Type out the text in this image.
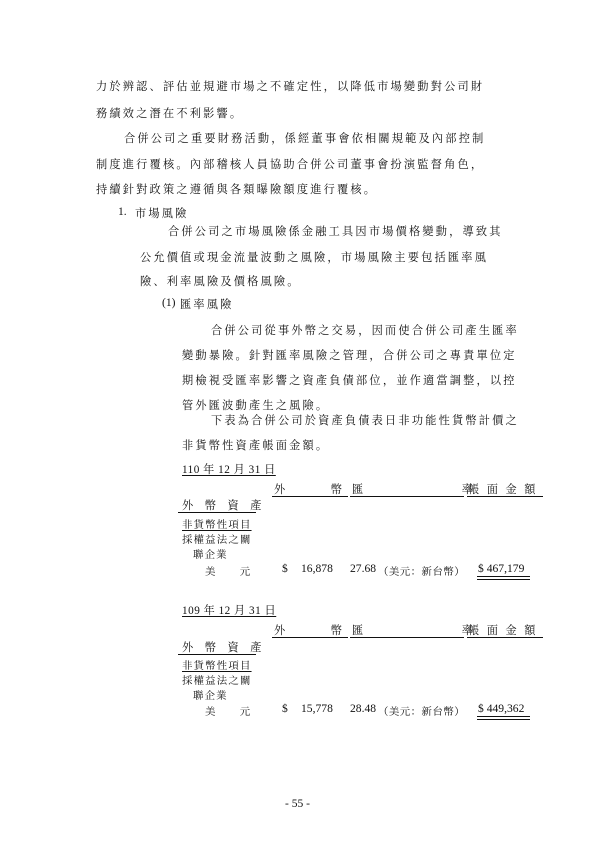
力於辨認、評估並規避市場之不確定性，以降低市場變動對公司財
務績效之潛在不利影響。
合併公司之重要財務活動，係經董事會依相關規範及內部控制
制度進行覆核。內部稽核人員協助合併公司董事會扮演監督角色，
持續針對政策之遵循與各類曝險額度進行覆核。
1. 市場風險
合併公司之市場風險係金融工具因市場價格變動，導致其
公允價值或現金流量波動之風險，市場風險主要包括匯率風
險、利率風險及價格風險。
(1) 匯率風險
合併公司從事外幣之交易，因而使合併公司產生匯率
變動暴險。針對匯率風險之管理，合併公司之專責單位定
期檢視受匯率影響之資產負債部位，並作適當調整，以控
管外匯波動產生之風險。
下表為合併公司於資產負債表日非功能性貨幣計價之
非貨幣性資產帳面金額。
110 年 12 月 31 日
外　　　幣 匯　　　　　　　　率
帳 面 金 額
外 幣 資 產
非貨幣性項目
採權益法之關
聯企業
美　　元	$ 16,878 27.68 （美元：新台幣） $ 467,179
109 年 12 月 31 日
外　　　幣 匯　　　　　　　　率
帳 面 金 額
外 幣 資 產
非貨幣性項目
採權益法之關
聯企業
美　　元	$ 15,778 28.48 （美元：新台幣） $ 449,362
- 55 -
